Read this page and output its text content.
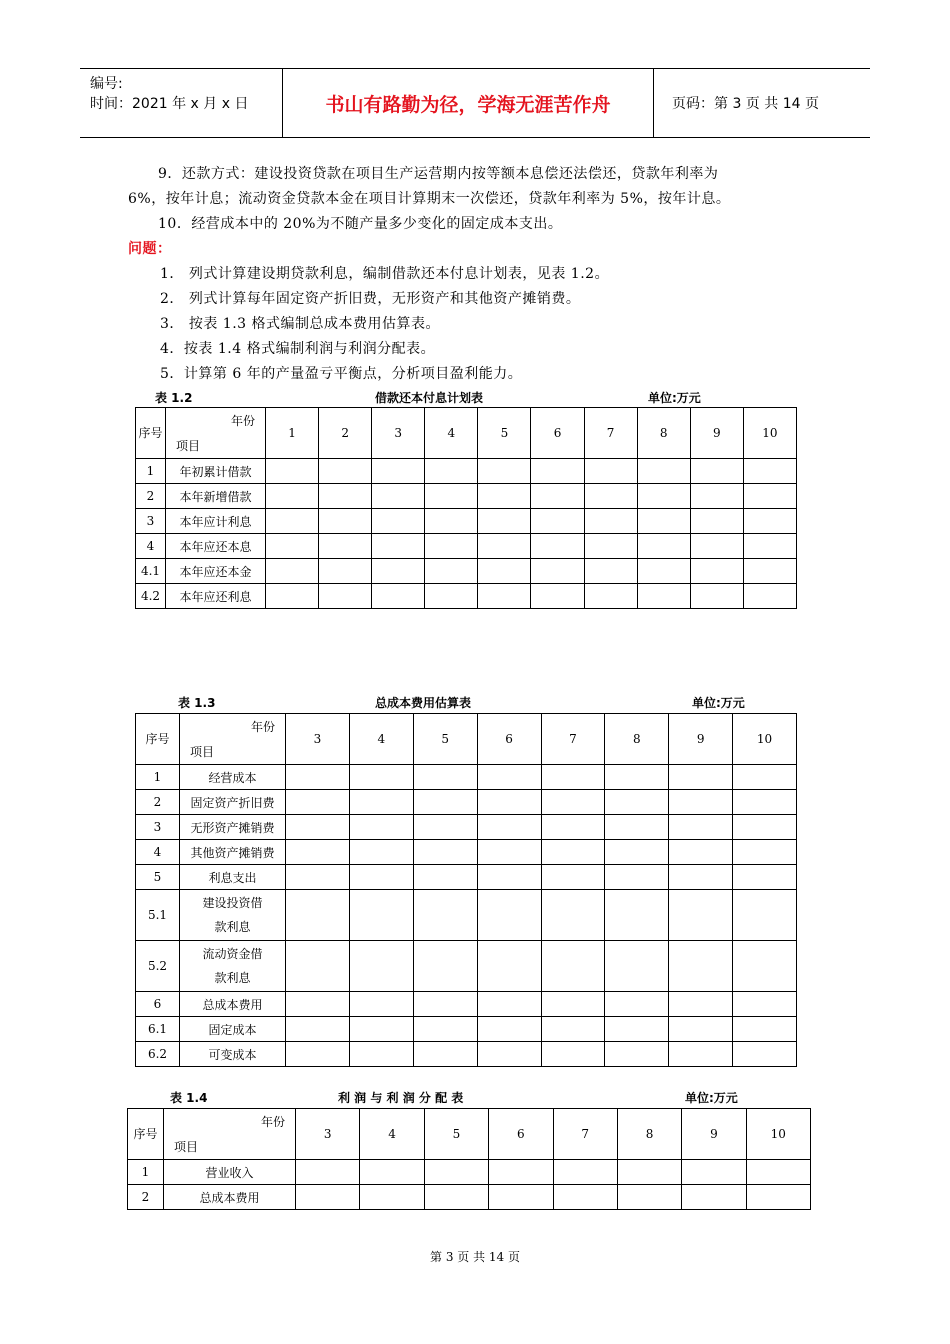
编号:
时间：2021 年 x 月 x 日	书山有路勤为径，学海无涯苦作舟	页码：第 3 页 共 14 页
9．还款方式：建设投资贷款在项目生产运营期内按等额本息偿还法偿还，贷款年利率为
6%，按年计息；流动资金贷款本金在项目计算期末一次偿还，贷款年利率为 5%，按年计息。
10．经营成本中的 20%为不随产量多少变化的固定成本支出。
问题：
1． 列式计算建设期贷款利息，编制借款还本付息计划表，见表 1.2。
2． 列式计算每年固定资产折旧费，无形资产和其他资产摊销费。
3． 按表 1.3 格式编制总成本费用估算表。
4．按表 1.4 格式编制利润与利润分配表。
5．计算第 6 年的产量盈亏平衡点，分析项目盈利能力。
表 1.2	借款还本付息计划表	单位:万元
序号	年份
项目	1	2	3	4	5	6	7	8	9	10
1	年初累计借款										
2	本年新增借款										
3	本年应计利息										
4	本年应还本息										
4.1	本年应还本金										
4.2	本年应还利息										
表 1.3	总成本费用估算表	单位:万元
序号	年份
项目	3	4	5	6	7	8	9	10
1	经营成本								
2	固定资产折旧费								
3	无形资产摊销费								
4	其他资产摊销费								
5	利息支出								
5.1	建设投资借款利息								
5.2	流动资金借款利息								
6	总成本费用								
6.1	固定成本								
6.2	可变成本								
表 1.4	利 润 与 利 润 分 配 表	单位:万元
序号	年份
项目	3	4	5	6	7	8	9	10
1	营业收入								
2	总成本费用								
第 3 页 共 14 页
